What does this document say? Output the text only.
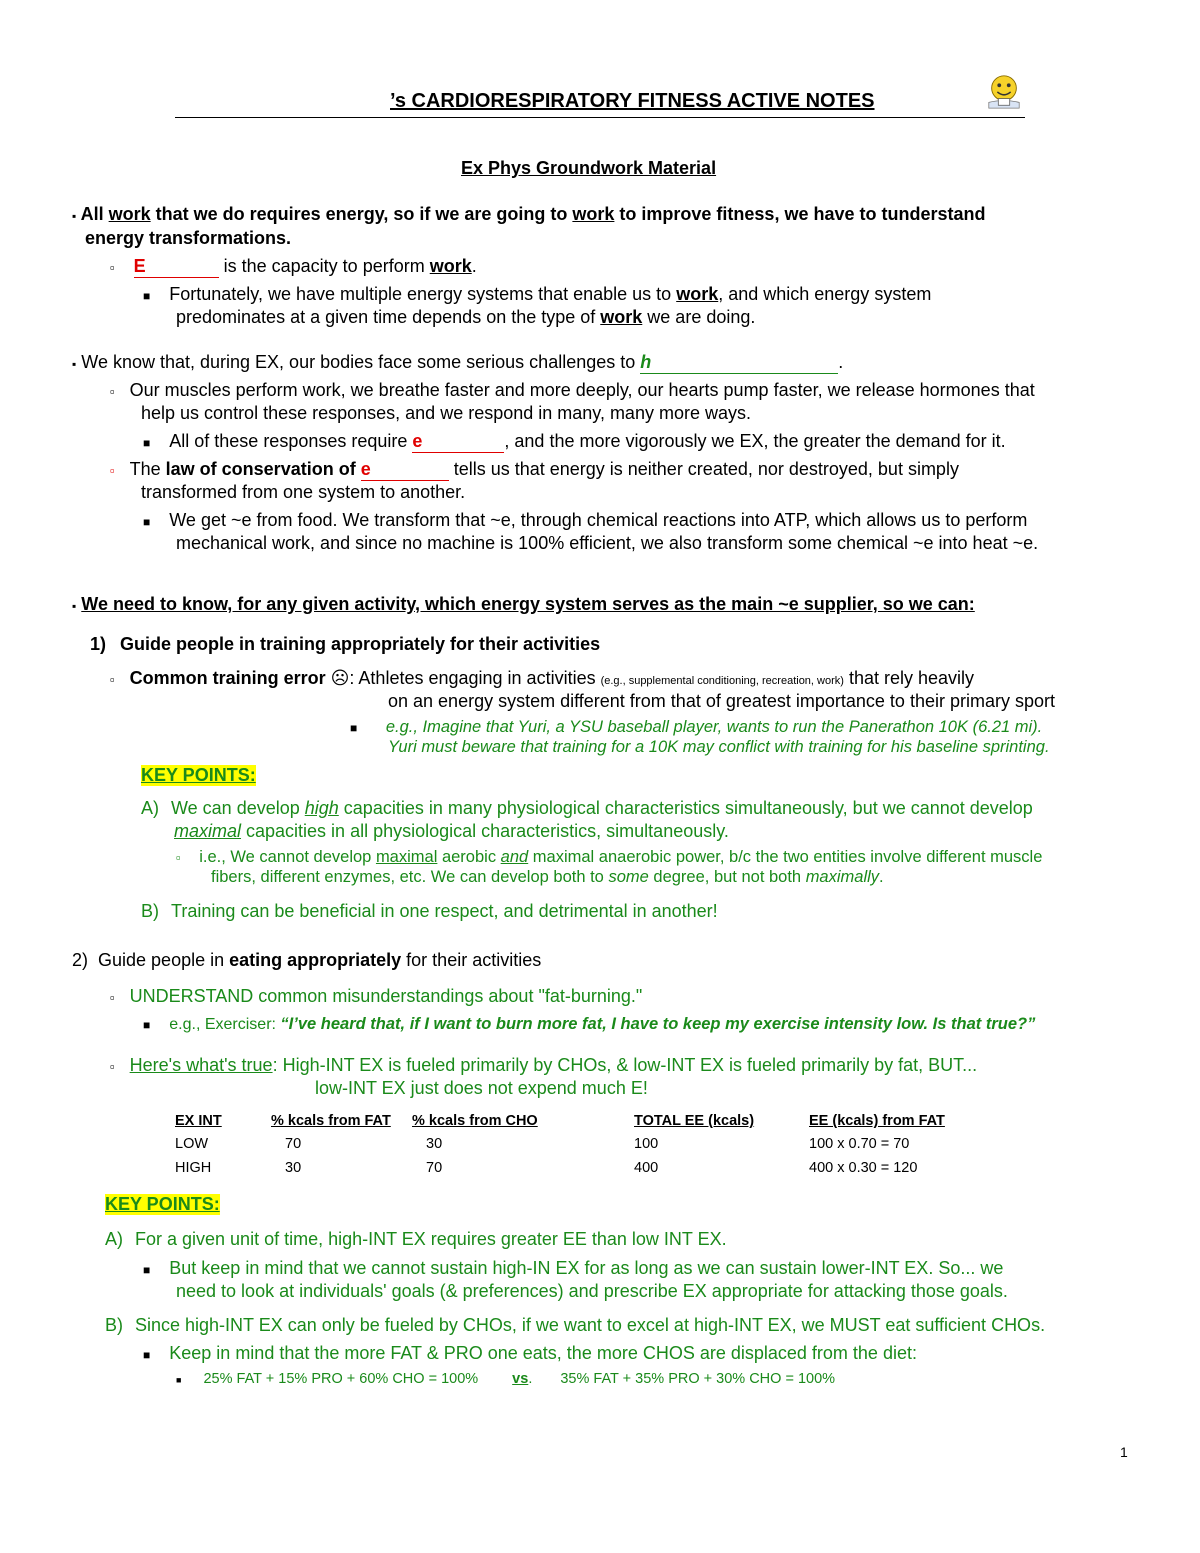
’s CARDIORESPIRATORY FITNESS ACTIVE NOTES
Ex Phys Groundwork Material
▪ All work that we do requires energy, so if we are going to work to improve fitness, we have to tunderstand
energy transformations.
▫ E	is the capacity to perform work.
■ Fortunately, we have multiple energy systems that enable us to work, and which energy system
predominates at a given time depends on the type of work we are doing.
▪ We know that, during EX, our bodies face some serious challenges to h	.
▫ Our muscles perform work, we breathe faster and more deeply, our hearts pump faster, we release hormones that
help us control these responses, and we respond in many, many more ways.
■ All of these responses require e	, and the more vigorously we EX, the greater the demand for it.
▫ The law of conservation of e	tells us that energy is neither created, nor destroyed, but simply
transformed from one system to another.
■ We get ~e from food. We transform that ~e, through chemical reactions into ATP, which allows us to perform
mechanical work, and since no machine is 100% efficient, we also transform some chemical ~e into heat ~e.
▪ We need to know, for any given activity, which energy system serves as the main ~e supplier, so we can:
1) Guide people in training appropriately for their activities
▫ Common training error ☹: Athletes engaging in activities (e.g., supplemental conditioning, recreation, work) that rely heavily
on an energy system different from that of greatest importance to their primary sport
■ e.g., Imagine that Yuri, a YSU baseball player, wants to run the Panerathon 10K (6.21 mi).
Yuri must beware that training for a 10K may conflict with training for his baseline sprinting.
KEY POINTS:
A) We can develop high capacities in many physiological characteristics simultaneously, but we cannot develop
maximal capacities in all physiological characteristics, simultaneously.
▫ i.e., We cannot develop maximal aerobic and maximal anaerobic power, b/c the two entities involve different muscle
fibers, different enzymes, etc. We can develop both to some degree, but not both maximally.
B) Training can be beneficial in one respect, and detrimental in another!
2) Guide people in eating appropriately for their activities
▫ UNDERSTAND common misunderstandings about "fat-burning."
■ e.g., Exerciser: “I’ve heard that, if I want to burn more fat, I have to keep my exercise intensity low. Is that true?”
▫ Here's what's true: High-INT EX is fueled primarily by CHOs, & low-INT EX is fueled primarily by fat, BUT...
low-INT EX just does not expend much E!
EX INT	% kcals from FAT	% kcals from CHO	TOTAL EE (kcals)	EE (kcals) from FAT
LOW	70	30	100	100 x 0.70 = 70
HIGH	30	70	400	400 x 0.30 = 120
KEY POINTS:
A) For a given unit of time, high-INT EX requires greater EE than low INT EX.
■ But keep in mind that we cannot sustain high-IN EX for as long as we can sustain lower-INT EX. So... we
need to look at individuals' goals (& preferences) and prescribe EX appropriate for attacking those goals.
B) Since high-INT EX can only be fueled by CHOs, if we want to excel at high-INT EX, we MUST eat sufficient CHOs.
■ Keep in mind that the more FAT & PRO one eats, the more CHOS are displaced from the diet:
■ 25% FAT + 15% PRO + 60% CHO = 100% vs. 35% FAT + 35% PRO + 30% CHO = 100%
1
